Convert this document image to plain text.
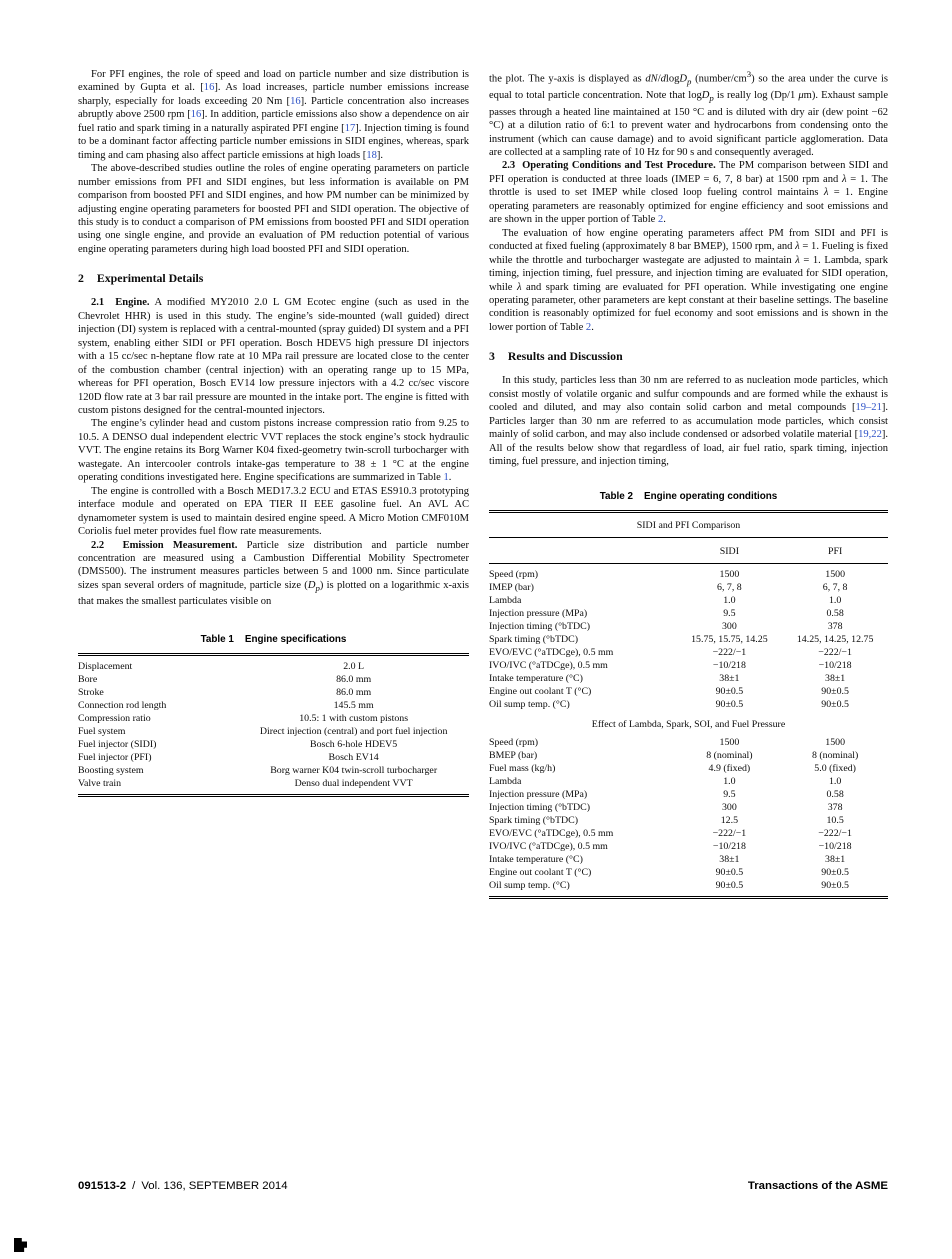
For PFI engines, the role of speed and load on particle number and size distribution is examined by Gupta et al. [16]. As load increases, particle number emissions increase sharply, especially for loads exceeding 20 Nm [16]. Particle concentration also increases abruptly above 2500 rpm [16]. In addition, particle emissions also show a dependence on air fuel ratio and spark timing in a naturally aspirated PFI engine [17]. Injection timing is found to be a dominant factor affecting particle number emissions in SIDI engines, whereas, spark timing and cam phasing also affect particle emissions at high loads [18].

The above-described studies outline the roles of engine operating parameters on particle number emissions from PFI and SIDI engines, but less information is available on PM comparison from boosted PFI and SIDI engines, and how PM number can be minimized by adjusting engine operating parameters for boosted PFI and SIDI operation. The objective of this study is to conduct a comparison of PM emissions from boosted PFI and SIDI operation using one single engine, and provide an evaluation of PM reduction potential of various engine operating parameters during high load boosted PFI and SIDI operation.

2 Experimental Details

2.1  Engine. A modified MY2010 2.0 L GM Ecotec engine (such as used in the Chevrolet HHR) is used in this study. The engine’s side-mounted (wall guided) direct injection (DI) system is replaced with a central-mounted (spray guided) DI system and a PFI system, enabling either SIDI or PFI operation. Bosch HDEV5 high pressure DI injectors with a 15 cc/sec n-heptane flow rate at 10 MPa rail pressure are located close to the center of the combustion chamber (central injection) with an operating range up to 15 MPa, whereas for PFI operation, Bosch EV14 low pressure injectors with a 4.2 cc/sec viscore 120D flow rate at 3 bar rail pressure are mounted in the intake port. The engine is fitted with custom pistons designed for the central-mounted injectors.

The engine’s cylinder head and custom pistons increase compression ratio from 9.25 to 10.5. A DENSO dual independent electric VVT replaces the stock engine’s stock hydraulic VVT. The engine retains its Borg Warner K04 fixed-geometry twin-scroll turbocharger with wastegate. An intercooler controls intake-gas temperature to 38 ± 1 °C at the engine operating conditions investigated here. Engine specifications are summarized in Table 1.

The engine is controlled with a Bosch MED17.3.2 ECU and ETAS ES910.3 prototyping interface module and operated on EPA TIER II EEE gasoline fuel. An AVL AC dynamometer system is used to maintain desired engine speed. A Micro Motion CMF010M Coriolis fuel meter provides fuel flow rate measurements.

2.2  Emission Measurement. Particle size distribution and particle number concentration are measured using a Cambustion Differential Mobility Spectrometer (DMS500). The instrument measures particles between 5 and 1000 nm. Since particulate sizes span several orders of magnitude, particle size $(D_p)$ is plotted on a logarithmic x-axis that makes the smallest particulates visible on

Table 1 Engine specifications
Displacement	2.0 L
Bore	86.0 mm
Stroke	86.0 mm
Connection rod length	145.5 mm
Compression ratio	10.5: 1 with custom pistons
Fuel system	Direct injection (central) and port fuel injection
Fuel injector (SIDI)	Bosch 6-hole HDEV5
Fuel injector (PFI)	Bosch EV14
Boosting system	Borg warner K04 twin-scroll turbocharger
Valve train	Denso dual independent VVT

the plot. The y-axis is displayed as dN/dlogD$_p$ $(number/cm^3)$ so the area under the curve is equal to total particle concentration. Note that logD$_p$ is really log (Dp/1 μm). Exhaust sample passes through a heated line maintained at 150 °C and is diluted with dry air (dew point −62 °C) at a dilution ratio of 6:1 to prevent water and hydrocarbons from condensing onto the instrument (which can cause damage) and to avoid significant particle agglomeration. Data are collected at a sampling rate of 10 Hz for 90 s and consequently averaged.

2.3  Operating Conditions and Test Procedure. The PM comparison between SIDI and PFI operation is conducted at three loads (IMEP = 6, 7, 8 bar) at 1500 rpm and λ = 1. The throttle is used to set IMEP while closed loop fueling control maintains λ = 1. Engine operating parameters are reasonably optimized for engine efficiency and soot emissions and are shown in the upper portion of Table 2.

The evaluation of how engine operating parameters affect PM from SIDI and PFI is conducted at fixed fueling (approximately 8 bar BMEP), 1500 rpm, and λ = 1. Fueling is fixed while the throttle and turbocharger wastegate are adjusted to maintain λ = 1. Lambda, spark timing, injection timing, fuel pressure, and injection timing are evaluated for SIDI operation, while λ and spark timing are evaluated for PFI operation. While investigating one engine operating parameter, other parameters are kept constant at their baseline settings. The baseline condition is reasonably optimized for fuel economy and soot emissions and is shown in the lower portion of Table 2.

3 Results and Discussion

In this study, particles less than 30 nm are referred to as nucleation mode particles, which consist mostly of volatile organic and sulfur compounds and are formed while the exhaust is cooled and diluted, and may also contain solid carbon and metal compounds [19–21]. Particles larger than 30 nm are referred to as accumulation mode particles, which consist mainly of solid carbon, and may also include condensed or adsorbed volatile material [19,22]. All of the results below show that regardless of load, air fuel ratio, spark timing, injection timing, fuel pressure, and injection timing,

Table 2 Engine operating conditions
SIDI and PFI Comparison		
	SIDI	PFI
Speed (rpm)	1500	1500
IMEP (bar)	6, 7, 8	6, 7, 8
Lambda	1.0	1.0
Injection pressure (MPa)	9.5	0.58
Injection timing (°bTDC)	300	378
Spark timing (°bTDC)	15.75, 15.75, 14.25	14.25, 14.25, 12.75
EVO/EVC (°aTDCge), 0.5 mm	−222/−1	−222/−1
IVO/IVC (°aTDCge), 0.5 mm	−10/218	−10/218
Intake temperature (°C)	38±1	38±1
Engine out coolant T (°C)	90±0.5	90±0.5
Oil sump temp. (°C)	90±0.5	90±0.5
Effect of Lambda, Spark, SOI, and Fuel Pressure		
Speed (rpm)	1500	1500
BMEP (bar)	8 (nominal)	8 (nominal)
Fuel mass (kg/h)	4.9 (fixed)	5.0 (fixed)
Lambda	1.0	1.0
Injection pressure (MPa)	9.5	0.58
Injection timing (°bTDC)	300	378
Spark timing (°bTDC)	12.5	10.5
EVO/EVC (°aTDCge), 0.5 mm	−222/−1	−222/−1
IVO/IVC (°aTDCge), 0.5 mm	−10/218	−10/218
Intake temperature (°C)	38±1	38±1
Engine out coolant T (°C)	90±0.5	90±0.5
Oil sump temp. (°C)	90±0.5	90±0.5
091513-2 / Vol. 136, SEPTEMBER 2014	Transactions of the ASME
